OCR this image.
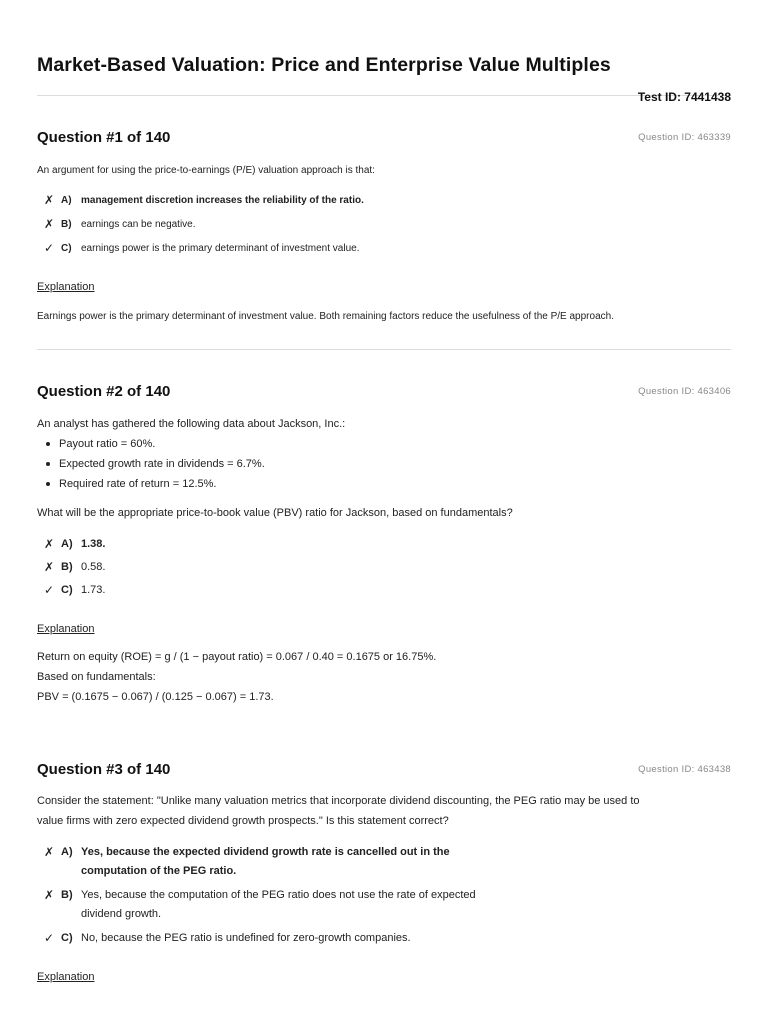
Market-Based Valuation: Price and Enterprise Value Multiples
Test ID: 7441438
Question #1 of 140	Question ID: 463339
An argument for using the price-to-earnings (P/E) valuation approach is that:
✗ A) management discretion increases the reliability of the ratio.
✗ B) earnings can be negative.
✓ C) earnings power is the primary determinant of investment value.
Explanation
Earnings power is the primary determinant of investment value. Both remaining factors reduce the usefulness of the P/E approach.
Question #2 of 140	Question ID: 463406
An analyst has gathered the following data about Jackson, Inc.:
Payout ratio = 60%.
Expected growth rate in dividends = 6.7%.
Required rate of return = 12.5%.
What will be the appropriate price-to-book value (PBV) ratio for Jackson, based on fundamentals?
✗ A) 1.38.
✗ B) 0.58.
✓ C) 1.73.
Explanation
Return on equity (ROE) = g / (1 − payout ratio) = 0.067 / 0.40 = 0.1675 or 16.75%.
Based on fundamentals:
PBV = (0.1675 − 0.067) / (0.125 − 0.067) = 1.73.
Question #3 of 140	Question ID: 463438
Consider the statement: "Unlike many valuation metrics that incorporate dividend discounting, the PEG ratio may be used to
value firms with zero expected dividend growth prospects." Is this statement correct?
✗ A) Yes, because the expected dividend growth rate is cancelled out in the
computation of the PEG ratio.
✗ B) Yes, because the computation of the PEG ratio does not use the rate of expected
dividend growth.
✓ C) No, because the PEG ratio is undefined for zero-growth companies.
Explanation
